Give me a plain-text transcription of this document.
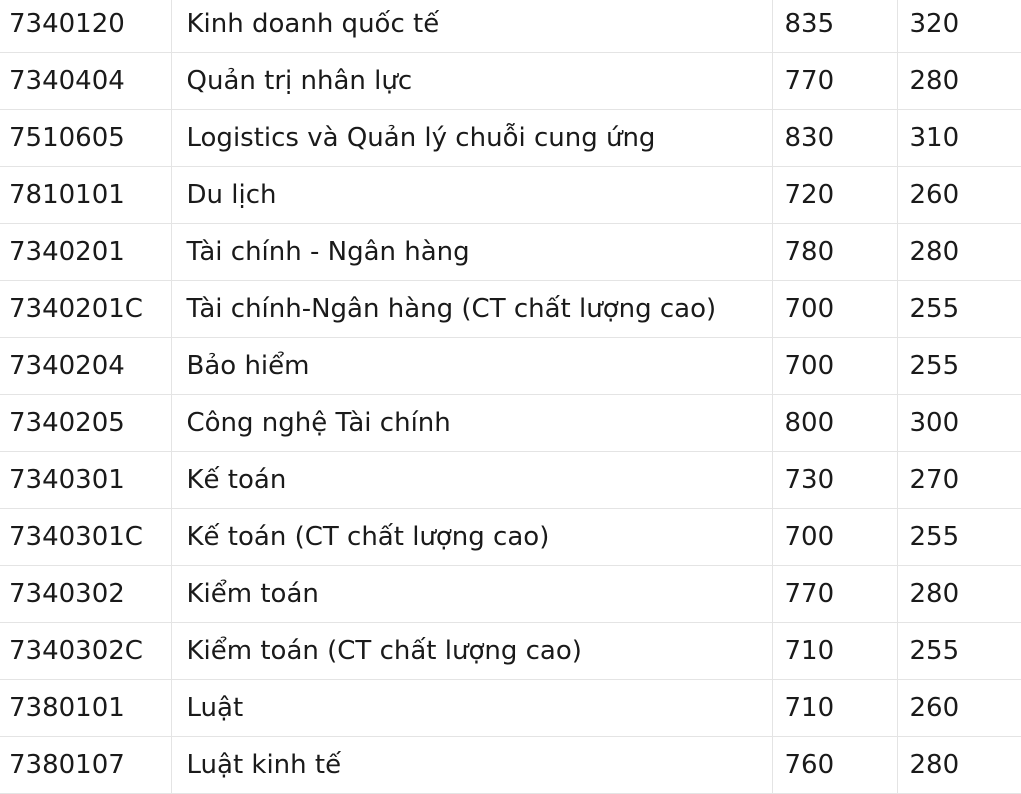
7340120	Kinh doanh quốc tế	835	320
7340404	Quản trị nhân lực	770	280
7510605	Logistics và Quản lý chuỗi cung ứng	830	310
7810101	Du lịch	720	260
7340201	Tài chính - Ngân hàng	780	280
7340201C	Tài chính-Ngân hàng (CT chất lượng cao)	700	255
7340204	Bảo hiểm	700	255
7340205	Công nghệ Tài chính	800	300
7340301	Kế toán	730	270
7340301C	Kế toán (CT chất lượng cao)	700	255
7340302	Kiểm toán	770	280
7340302C	Kiểm toán (CT chất lượng cao)	710	255
7380101	Luật	710	260
7380107	Luật kinh tế	760	280
